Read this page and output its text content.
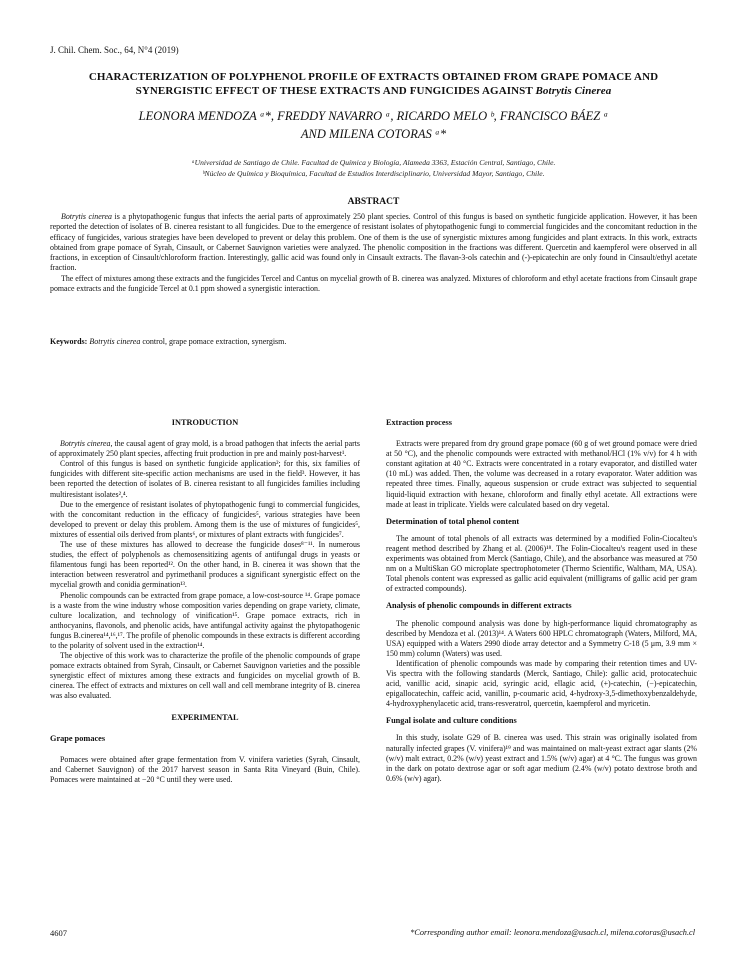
J. Chil. Chem. Soc., 64, N°4 (2019)
CHARACTERIZATION OF POLYPHENOL PROFILE OF EXTRACTS OBTAINED FROM GRAPE POMACE AND
SYNERGISTIC EFFECT OF THESE EXTRACTS AND FUNGICIDES AGAINST Botrytis Cinerea
LEONORA MENDOZA ᵃ*, FREDDY NAVARRO ᵃ, RICARDO MELO ᵇ, FRANCISCO BÁEZ ᵃ
AND MILENA COTORAS ᵃ*
ᵃUniversidad de Santiago de Chile. Facultad de Química y Biología, Alameda 3363, Estación Central, Santiago, Chile.
ᵇNúcleo de Química y Bioquímica, Facultad de Estudios Interdisciplinario, Universidad Mayor, Santiago, Chile.
ABSTRACT

Botrytis cinerea is a phytopathogenic fungus that infects the aerial parts of approximately 250 plant species. Control of this fungus is based on synthetic fungicide application. However, it has been reported the detection of isolates of B. cinerea resistant to all fungicides. Due to the emergence of resistant isolates of phytopathogenic fungi to commercial fungicides and the concomitant reduction in the efficacy of fungicides, various strategies have been developed to prevent or delay this problem. One of them is the use of synergistic mixtures among fungicides and plant extracts. In this work, extracts obtained from grape pomace of Syrah, Cinsault, or Cabernet Sauvignon varieties were analyzed. The phenolic composition in the fractions was different. Quercetin and kaempferol were observed in all fractions, in exception of Cinsault/chloroform fraction. Interestingly, gallic acid was found only in Cinsault extracts. The flavan-3-ols catechin and (-)-epicatechin are only found in Cinsault/ethyl acetate fraction.

The effect of mixtures among these extracts and the fungicides Tercel and Cantus on mycelial growth of B. cinerea was analyzed. Mixtures of chloroform and ethyl acetate fractions from Cinsault grape pomace extracts and the fungicide Tercel at 0.1 ppm showed a synergistic interaction.

Keywords: Botrytis cinerea control, grape pomace extraction, synergism.
INTRODUCTION

Botrytis cinerea, the causal agent of gray mold, is a broad pathogen that infects the aerial parts of approximately 250 plant species, affecting fruit production in pre and mainly post-harvest¹.

Control of this fungus is based on synthetic fungicide application²; for this, six families of fungicides with different site-specific action mechanisms are used in the field³. However, it has been reported the detection of isolates of B. cinerea resistant to all fungicides families including multiresistant isolates²,⁴.

Due to the emergence of resistant isolates of phytopathogenic fungi to commercial fungicides, with the concomitant reduction in the efficacy of fungicides⁵, various strategies have been developed to prevent or delay this problem. Among them is the use of mixtures of fungicides⁵, mixtures of essential oils derived from plants⁶, or mixtures of plant extracts with fungicides⁷.

The use of these mixtures has allowed to decrease the fungicide doses⁸⁻¹¹. In numerous studies, the effect of polyphenols as chemosensitizing agents of antifungal drugs in yeasts or filamentous fungi has been reported¹². On the other hand, in B. cinerea it was shown that the interaction between resveratrol and pyrimethanil produces a significant synergistic effect on the mycelial growth and conidia germination¹³.

Phenolic compounds can be extracted from grape pomace, a low-cost-source ¹⁴. Grape pomace is a waste from the wine industry whose composition varies depending on grape variety, climate, culture localization, and technology of vinification¹⁵. Grape pomace extracts, rich in anthocyanins, flavonols, and phenolic acids, have antifungal activity against the phytopathogenic fungus B.cinerea¹⁴,¹⁶,¹⁷. The profile of phenolic compounds in these extracts is different according to the polarity of solvent used in the extraction¹⁴.

The objective of this work was to characterize the profile of the phenolic compounds of grape pomace extracts obtained from Syrah, Cinsault, or Cabernet Sauvignon varieties and the possible synergistic effect of mixtures among these extracts and fungicides on mycelial growth of B. cinerea. The effect of extracts and mixtures on cell wall and cell membrane integrity of B. cinerea was also evaluated.

EXPERIMENTAL
Grape pomaces

Pomaces were obtained after grape fermentation from V. vinifera varieties (Syrah, Cinsault, and Cabernet Sauvignon) of the 2017 harvest season in Santa Rita Vineyard (Buin, Chile). Pomaces were maintained at −20 °C until they were used.

Extraction process

Extracts were prepared from dry ground grape pomace (60 g of wet ground pomace were dried at 50 °C), and the phenolic compounds were extracted with methanol/HCl (1% v/v) for 4 h with constant agitation at 40 °C. Extracts were concentrated in a rotary evaporator, and distilled water (10 mL) was added. Then, the volume was decreased in a rotary evaporator. Water addition was repeated three times. Finally, aqueous suspension or crude extract was subjected to sequential liquid-liquid extraction with hexane, chloroform and finally ethyl acetate. All extractions were made at least in triplicate. Yields were calculated based on dry vegetal.

Determination of total phenol content

The amount of total phenols of all extracts was determined by a modified Folin-Ciocalteu's reagent method described by Zhang et al. (2006)¹⁸. The Folin-Ciocalteu's reagent used in these experiments was obtained from Merck (Santiago, Chile), and the absorbance was measured at 750 nm on a MultiSkan GO microplate spectrophotometer (Thermo Scientific, Waltham, MA, USA). Total phenols content was expressed as gallic acid equivalent (milligrams of gallic acid per gram of extracted compounds).

Analysis of phenolic compounds in different extracts

The phenolic compound analysis was done by high-performance liquid chromatography as described by Mendoza et al. (2013)¹⁴. A Waters 600 HPLC chromatograph (Waters, Milford, MA, USA) equipped with a Waters 2990 diode array detector and a Symmetry C-18 (5 μm, 3.9 mm × 150 mm) column (Waters) was used.

Identification of phenolic compounds was made by comparing their retention times and UV-Vis spectra with the following standards (Merck, Santiago, Chile): gallic acid, protocatechuic acid, vanillic acid, sinapic acid, syringic acid, ellagic acid, (+)-catechin, (−)-epicatechin, epigallocatechin, caffeic acid, vanillin, p-coumaric acid, 4-hydroxy-3,5-dimethoxybenzaldehyde, 4-hydroxyphenylacetic acid, trans-resveratrol, quercetin, kaempferol and myricetin.

Fungal isolate and culture conditions

In this study, isolate G29 of B. cinerea was used. This strain was originally isolated from naturally infected grapes (V. vinifera)¹⁹ and was maintained on malt-yeast extract agar slants (2% (w/v) malt extract, 0.2% (w/v) yeast extract and 1.5% (w/v) agar) at 4 °C. The fungus was grown in the dark on potato dextrose agar or soft agar medium (2.4% (w/v) potato dextrose broth and 0.6% (w/v) agar).

4607	*Corresponding author email: leonora.mendoza@usach.cl, milena.cotoras@usach.cl
